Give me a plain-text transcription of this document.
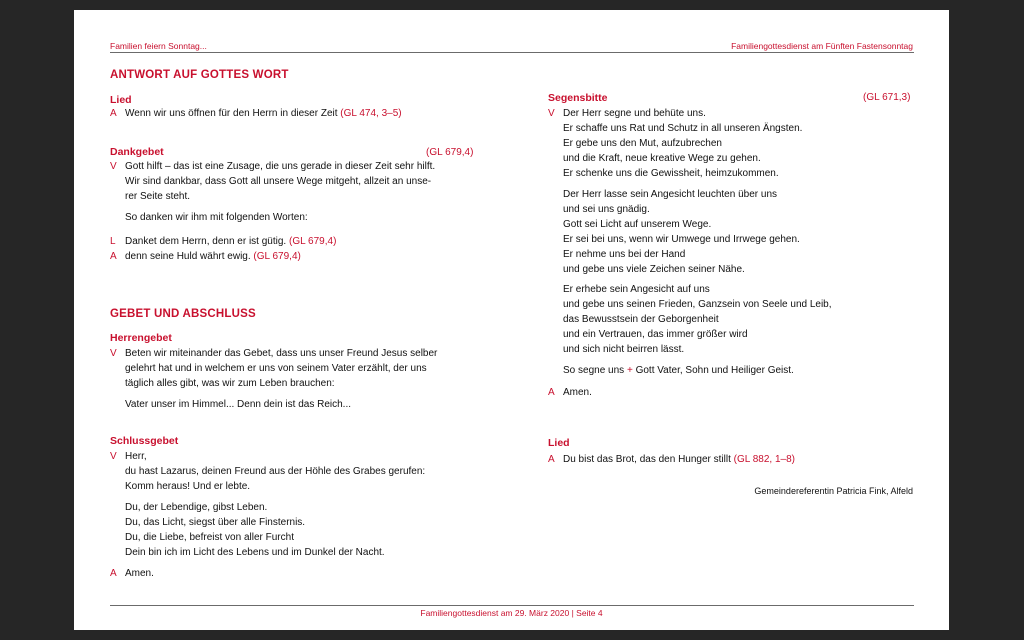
Familien feiern Sonntag...	Familiengottesdienst am Fünften Fastensonntag
ANTWORT AUF GOTTES WORT
Lied
A Wenn wir uns öffnen für den Herrn in dieser Zeit (GL 474, 3–5)
Dankgebet	(GL 679,4)
V Gott hilft – das ist eine Zusage, die uns gerade in dieser Zeit sehr hilft.
Wir sind dankbar, dass Gott all unsere Wege mitgeht, allzeit an unse-
rer Seite steht.
So danken wir ihm mit folgenden Worten:
L Danket dem Herrn, denn er ist gütig. (GL 679,4)
A denn seine Huld währt ewig. (GL 679,4)
GEBET UND ABSCHLUSS
Herrengebet
V Beten wir miteinander das Gebet, dass uns unser Freund Jesus selber
gelehrt hat und in welchem er uns von seinem Vater erzählt, der uns
täglich alles gibt, was wir zum Leben brauchen:
Vater unser im Himmel... Denn dein ist das Reich...
Schlussgebet
V Herr,
du hast Lazarus, deinen Freund aus der Höhle des Grabes gerufen:
Komm heraus! Und er lebte.
Du, der Lebendige, gibst Leben.
Du, das Licht, siegst über alle Finsternis.
Du, die Liebe, befreist von aller Furcht
Dein bin ich im Licht des Lebens und im Dunkel der Nacht.
A Amen.
Segensbitte	(GL 671,3)
V Der Herr segne und behüte uns.
Er schaffe uns Rat und Schutz in all unseren Ängsten.
Er gebe uns den Mut, aufzubrechen
und die Kraft, neue kreative Wege zu gehen.
Er schenke uns die Gewissheit, heimzukommen.
Der Herr lasse sein Angesicht leuchten über uns
und sei uns gnädig.
Gott sei Licht auf unserem Wege.
Er sei bei uns, wenn wir Umwege und Irrwege gehen.
Er nehme uns bei der Hand
und gebe uns viele Zeichen seiner Nähe.
Er erhebe sein Angesicht auf uns
und gebe uns seinen Frieden, Ganzsein von Seele und Leib,
das Bewusstsein der Geborgenheit
und ein Vertrauen, das immer größer wird
und sich nicht beirren lässt.
So segne uns + Gott Vater, Sohn und Heiliger Geist.
A Amen.
Lied
A Du bist das Brot, das den Hunger stillt (GL 882, 1–8)
Gemeindereferentin Patricia Fink, Alfeld
Familiengottesdienst am 29. März 2020 | Seite 4
